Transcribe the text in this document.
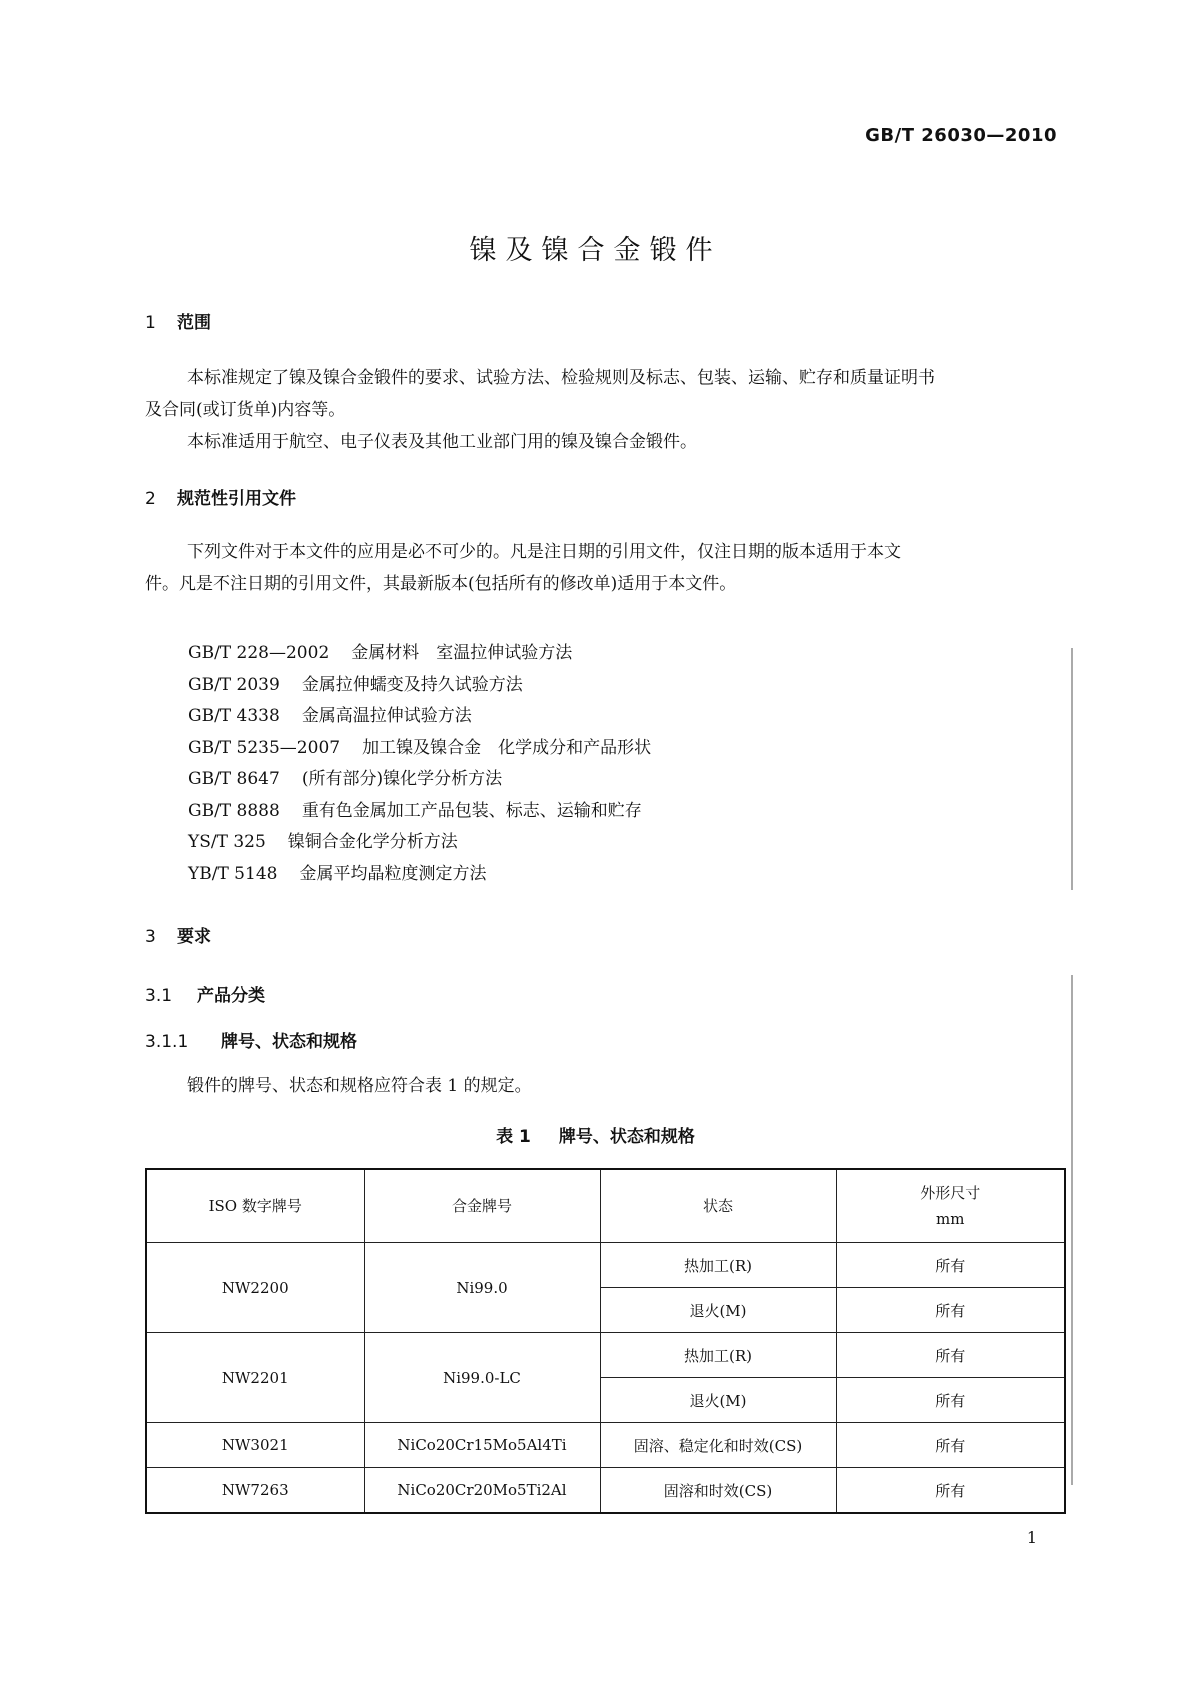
GB/T 26030—2010
镍及镍合金锻件
1 范围
本标准规定了镍及镍合金锻件的要求、试验方法、检验规则及标志、包装、运输、贮存和质量证明书
及合同(或订货单)内容等。
本标准适用于航空、电子仪表及其他工业部门用的镍及镍合金锻件。
2 规范性引用文件
下列文件对于本文件的应用是必不可少的。凡是注日期的引用文件，仅注日期的版本适用于本文
件。凡是不注日期的引用文件，其最新版本(包括所有的修改单)适用于本文件。
GB/T 228—2002 金属材料　室温拉伸试验方法
GB/T 2039 金属拉伸蠕变及持久试验方法
GB/T 4338 金属高温拉伸试验方法
GB/T 5235—2007 加工镍及镍合金　化学成分和产品形状
GB/T 8647 (所有部分)镍化学分析方法
GB/T 8888 重有色金属加工产品包装、标志、运输和贮存
YS/T 325 镍铜合金化学分析方法
YB/T 5148 金属平均晶粒度测定方法
3 要求
3.1 产品分类
3.1.1 牌号、状态和规格
锻件的牌号、状态和规格应符合表 1 的规定。
表 1 牌号、状态和规格
ISO 数字牌号	合金牌号	状态	外形尺寸
mm

NW2200	Ni99.0	热加工(R)	所有
		退火(M)	所有
NW2201	Ni99.0-LC	热加工(R)	所有
		退火(M)	所有
NW3021	NiCo20Cr15Mo5Al4Ti	固溶、稳定化和时效(CS)	所有
NW7263	NiCo20Cr20Mo5Ti2Al	固溶和时效(CS)	所有
1
